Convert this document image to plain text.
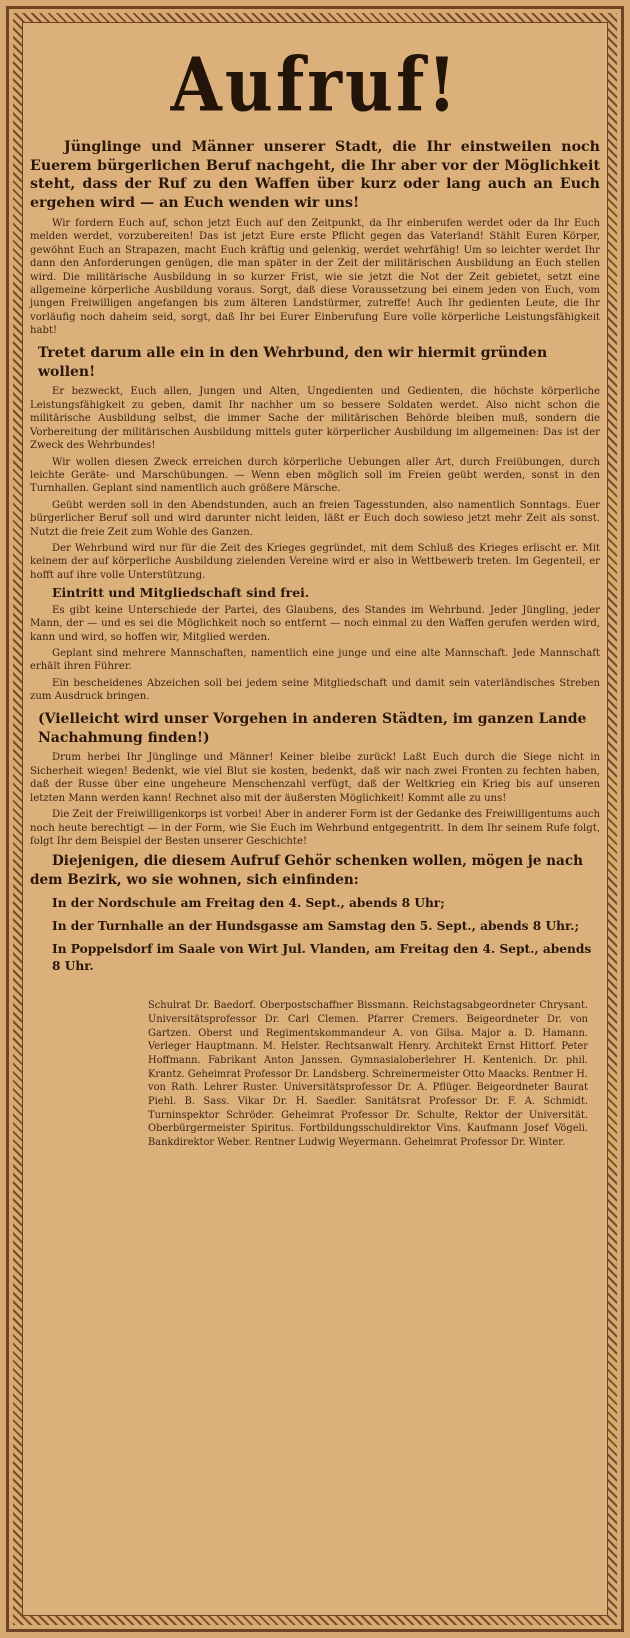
Aufruf!

Jünglinge und Männer unserer Stadt, die Ihr einstweilen noch Euerem bürgerlichen Beruf nachgeht, die Ihr aber vor der Möglichkeit steht, dass der Ruf zu den Waffen über kurz oder lang auch an Euch ergehen wird — an Euch wenden wir uns!

Wir fordern Euch auf, schon jetzt Euch auf den Zeitpunkt, da Ihr einberufen werdet oder da Ihr Euch melden werdet, vorzubereiten! Das ist jetzt Eure erste Pflicht gegen das Vaterland! Stählt Euren Körper, gewöhnt Euch an Strapazen, macht Euch kräftig und gelenkig, werdet wehrfähig! Um so leichter werdet Ihr dann den Anforderungen genügen, die man später in der Zeit der militärischen Ausbildung an Euch stellen wird. Die militärische Ausbildung in so kurzer Frist, wie sie jetzt die Not der Zeit gebietet, setzt eine allgemeine körperliche Ausbildung voraus. Sorgt, daß diese Voraussetzung bei einem jeden von Euch, vom jungen Freiwilligen angefangen bis zum älteren Landstürmer, zutreffe! Auch Ihr gedienten Leute, die Ihr vorläufig noch daheim seid, sorgt, daß Ihr bei Eurer Einberufung Eure volle körperliche Leistungsfähigkeit habt!

Tretet darum alle ein in den Wehrbund, den wir hiermit gründen wollen!

Er bezweckt, Euch allen, Jungen und Alten, Ungedienten und Gedienten, die höchste körperliche Leistungsfähigkeit zu geben, damit Ihr nachher um so bessere Soldaten werdet. Also nicht schon die militärische Ausbildung selbst, die immer Sache der militärischen Behörde bleiben muß, sondern die Vorbereitung der militärischen Ausbildung mittels guter körperlicher Ausbildung im allgemeinen: Das ist der Zweck des Wehrbundes!

Wir wollen diesen Zweck erreichen durch körperliche Uebungen aller Art, durch Freiübungen, durch leichte Geräte- und Marschübungen. — Wenn eben möglich soll im Freien geübt werden, sonst in den Turnhallen. Geplant sind namentlich auch größere Märsche.

Geübt werden soll in den Abendstunden, auch an freien Tagesstunden, also namentlich Sonntags. Euer bürgerlicher Beruf soll und wird darunter nicht leiden, läßt er Euch doch sowieso jetzt mehr Zeit als sonst. Nutzt die freie Zeit zum Wohle des Ganzen.

Der Wehrbund wird nur für die Zeit des Krieges gegründet, mit dem Schluß des Krieges erlischt er. Mit keinem der auf körperliche Ausbildung zielenden Vereine wird er also in Wettbewerb treten. Im Gegenteil, er hofft auf ihre volle Unterstützung.

Eintritt und Mitgliedschaft sind frei.

Es gibt keine Unterschiede der Partei, des Glaubens, des Standes im Wehrbund. Jeder Jüngling, jeder Mann, der — und es sei die Möglichkeit noch so entfernt — noch einmal zu den Waffen gerufen werden wird, kann und wird, so hoffen wir, Mitglied werden.

Geplant sind mehrere Mannschaften, namentlich eine junge und eine alte Mannschaft. Jede Mannschaft erhält ihren Führer.

Ein bescheidenes Abzeichen soll bei jedem seine Mitgliedschaft und damit sein vaterländisches Streben zum Ausdruck bringen.

(Vielleicht wird unser Vorgehen in anderen Städten, im ganzen Lande Nachahmung finden!)

Drum herbei Ihr Jünglinge und Männer! Keiner bleibe zurück! Laßt Euch durch die Siege nicht in Sicherheit wiegen! Bedenkt, wie viel Blut sie kosten, bedenkt, daß wir nach zwei Fronten zu fechten haben, daß der Russe über eine ungeheure Menschenzahl verfügt, daß der Weltkrieg ein Krieg bis auf unseren letzten Mann werden kann! Rechnet also mit der äußersten Möglichkeit! Kommt alle zu uns!

Die Zeit der Freiwilligenkorps ist vorbei! Aber in anderer Form ist der Gedanke des Freiwilligentums auch noch heute berechtigt — in der Form, wie Sie Euch im Wehrbund entgegentritt. In dem Ihr seinem Rufe folgt, folgt Ihr dem Beispiel der Besten unserer Geschichte!

Diejenigen, die diesem Aufruf Gehör schenken wollen, mögen je nach dem Bezirk, wo sie wohnen, sich einfinden:
In der Nordschule am Freitag den 4. Sept., abends 8 Uhr;
In der Turnhalle an der Hundsgasse am Samstag den 5. Sept., abends 8 Uhr.;
In Poppelsdorf im Saale von Wirt Jul. Vlanden, am Freitag den 4. Sept., abends 8 Uhr.

Schulrat Dr. Baedorf. Oberpostschaffner Bissmann. Reichstagsabgeordneter Chrysant. Universitätsprofessor Dr. Carl Clemen. Pfarrer Cremers. Beigeordneter Dr. von Gartzen. Oberst und Regimentskommandeur A. von Gilsa. Major a. D. Hamann. Verleger Hauptmann. M. Helster. Rechtsanwalt Henry. Architekt Ernst Hittorf. Peter Hoffmann. Fabrikant Anton Janssen. Gymnasialoberlehrer H. Kentenich. Dr. phil. Krantz. Geheimrat Professor Dr. Landsberg. Schreinermeister Otto Maacks. Rentner H. von Rath. Lehrer Ruster. Universitätsprofessor Dr. A. Pflüger. Beigeordneter Baurat Piehl. B. Sass. Vikar Dr. H. Saedler. Sanitätsrat Professor Dr. F. A. Schmidt. Turninspektor Schröder. Geheimrat Professor Dr. Schulte, Rektor der Universität. Oberbürgermeister Spiritus. Fortbildungsschuldirektor Vins. Kaufmann Josef Vögeli. Bankdirektor Weber. Rentner Ludwig Weyermann. Geheimrat Professor Dr. Winter.
